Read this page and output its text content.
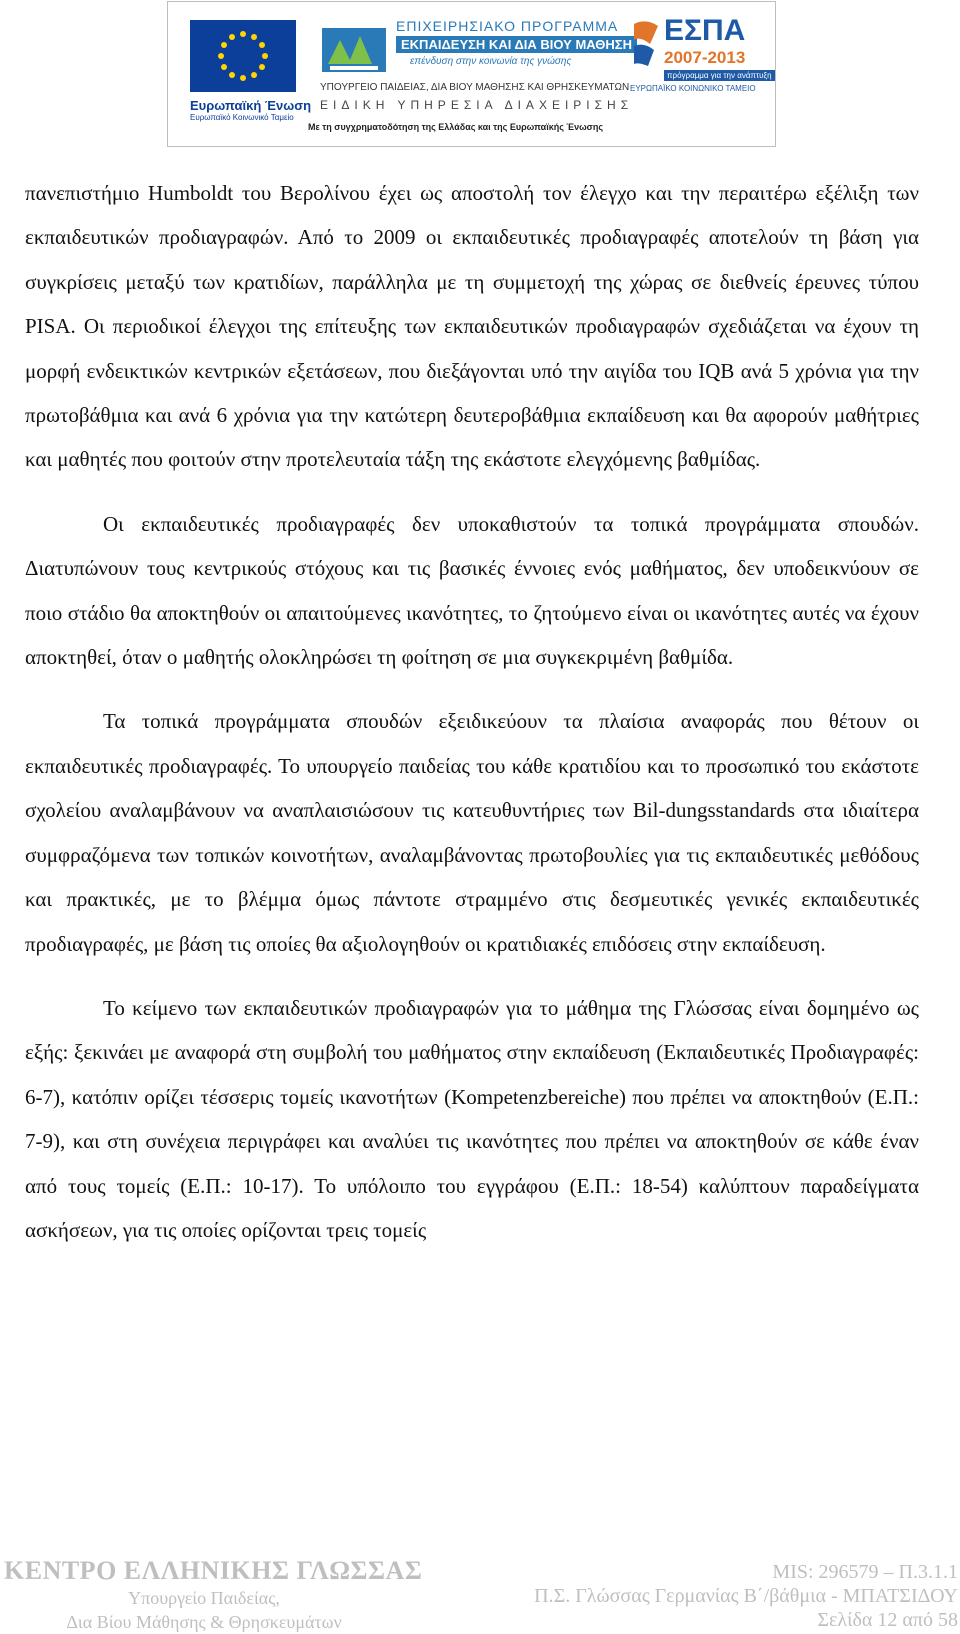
Ευρωπαϊκή Ένωση
Ευρωπαϊκό Κοινωνικό Ταμείο
ΕΠΙΧΕΙΡΗΣΙΑΚΟ ΠΡΟΓΡΑΜΜΑ
ΕΚΠΑΙΔΕΥΣΗ ΚΑΙ ΔΙΑ ΒΙΟΥ ΜΑΘΗΣΗ
επένδυση στην κοινωνία της γνώσης
ΥΠΟΥΡΓΕΙΟ ΠΑΙΔΕΙΑΣ, ΔΙΑ ΒΙΟΥ ΜΑΘΗΣΗΣ ΚΑΙ ΘΡΗΣΚΕΥΜΑΤΩΝ
ΕΙΔΙΚΗ ΥΠΗΡΕΣΙΑ ΔΙΑΧΕΙΡΙΣΗΣ
ΕΣΠΑ
2007-2013
πρόγραμμα για την ανάπτυξη
ΕΥΡΩΠΑΪΚΟ ΚΟΙΝΩΝΙΚΟ ΤΑΜΕΙΟ
Με τη συγχρηματοδότηση της Ελλάδας και της Ευρωπαϊκής Ένωσης

πανεπιστήμιο Humboldt του Βερολίνου έχει ως αποστολή τον έλεγχο και την περαιτέρω εξέλιξη των εκπαιδευτικών προδιαγραφών. Από το 2009 οι εκπαιδευτικές προδιαγραφές αποτελούν τη βάση για συγκρίσεις μεταξύ των κρατιδίων, παράλληλα με τη συμμετοχή της χώρας σε διεθνείς έρευνες τύπου PISA. Οι περιοδικοί έλεγχοι της επίτευξης των εκπαιδευτικών προδιαγραφών σχεδιάζεται να έχουν τη μορφή ενδεικτικών κεντρικών εξετάσεων, που διεξάγονται υπό την αιγίδα του IQB ανά 5 χρόνια για την πρωτοβάθμια και ανά 6 χρόνια για την κατώτερη δευτεροβάθμια εκπαίδευση και θα αφορούν μαθήτριες και μαθητές που φοιτούν στην προτελευταία τάξη της εκάστοτε ελεγχόμενης βαθμίδας.

Οι εκπαιδευτικές προδιαγραφές δεν υποκαθιστούν τα τοπικά προγράμματα σπουδών. Διατυπώνουν τους κεντρικούς στόχους και τις βασικές έννοιες ενός μαθήματος, δεν υποδεικνύουν σε ποιο στάδιο θα αποκτηθούν οι απαιτούμενες ικανότητες, το ζητούμενο είναι οι ικανότητες αυτές να έχουν αποκτηθεί, όταν ο μαθητής ολοκληρώσει τη φοίτηση σε μια συγκεκριμένη βαθμίδα.

Τα τοπικά προγράμματα σπουδών εξειδικεύουν τα πλαίσια αναφοράς που θέτουν οι εκπαιδευτικές προδιαγραφές. Το υπουργείο παιδείας του κάθε κρατιδίου και το προσωπικό του εκάστοτε σχολείου αναλαμβάνουν να αναπλαισιώσουν τις κατευθυντήριες των Bil-dungsstandards στα ιδιαίτερα συμφραζόμενα των τοπικών κοινοτήτων, αναλαμβάνοντας πρωτοβουλίες για τις εκπαιδευτικές μεθόδους και πρακτικές, με το βλέμμα όμως πάντοτε στραμμένο στις δεσμευτικές γενικές εκπαιδευτικές προδιαγραφές, με βάση τις οποίες θα αξιολογηθούν οι κρατιδιακές επιδόσεις στην εκπαίδευση.

Το κείμενο των εκπαιδευτικών προδιαγραφών για το μάθημα της Γλώσσας είναι δομημένο ως εξής: ξεκινάει με αναφορά στη συμβολή του μαθήματος στην εκπαίδευση (Εκπαιδευτικές Προδιαγραφές: 6-7), κατόπιν ορίζει τέσσερις τομείς ικανοτήτων (Kompetenzbereiche) που πρέπει να αποκτηθούν (Ε.Π.: 7-9), και στη συνέχεια περιγράφει και αναλύει τις ικανότητες που πρέπει να αποκτηθούν σε κάθε έναν από τους τομείς (Ε.Π.: 10-17). Το υπόλοιπο του εγγράφου (Ε.Π.: 18-54) καλύπτουν παραδείγματα ασκήσεων, για τις οποίες ορίζονται τρεις τομείς

ΚΕΝΤΡΟ ΕΛΛΗΝΙΚΗΣ ΓΛΩΣΣΑΣ
Υπουργείο Παιδείας,
Δια Βίου Μάθησης & Θρησκευμάτων
MIS: 296579 – Π.3.1.1
Π.Σ. Γλώσσας Γερμανίας Β΄/βάθμια - ΜΠΑΤΣΙΔΟΥ
Σελίδα 12 από 58
